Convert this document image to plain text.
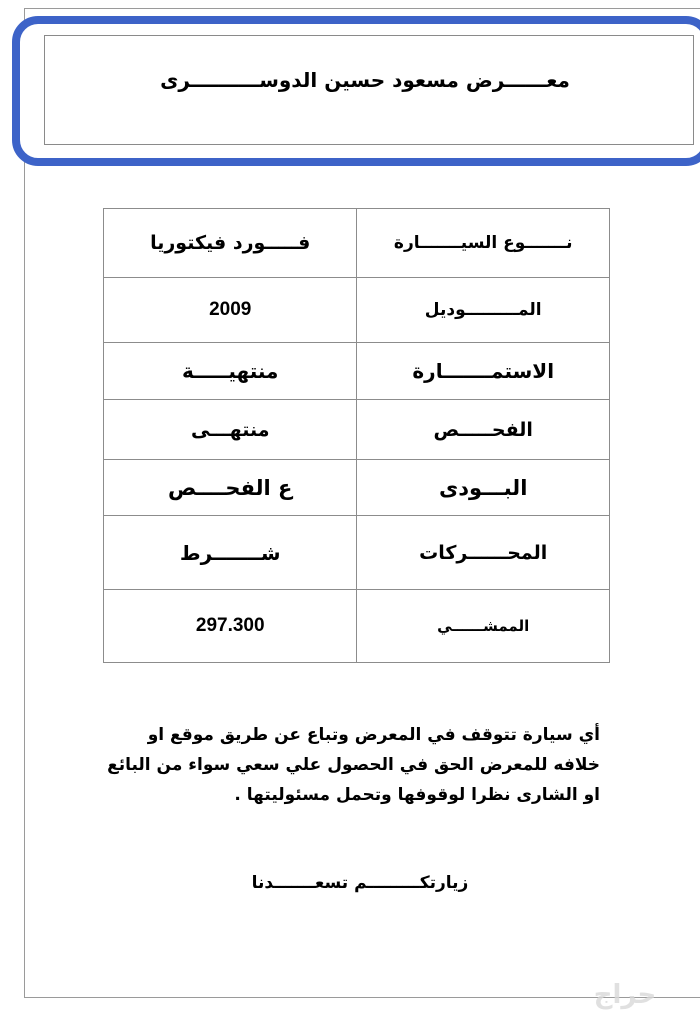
معــــــرض مسعود حسين الدوســــــــــرى
نـــــــوع السيـــــــارة	فـــــورد فيكتوريا
المـــــــــوديل	2009
الاستمـــــــارة	منتهيـــــة
الفحـــــص	منتهـــى
البـــودى	ع الفحــــص
المحــــــركات	شـــــــرط
الممشــــــي	297.300
أي سيارة تتوقف في المعرض وتباع عن طريق موقع او خلافه للمعرض الحق في الحصول علي سعي سواء من البائع او الشارى نظرا لوقوفها وتحمل مسئوليتها .
زيارتكـــــــــم تسعـــــــدنا
حراج
